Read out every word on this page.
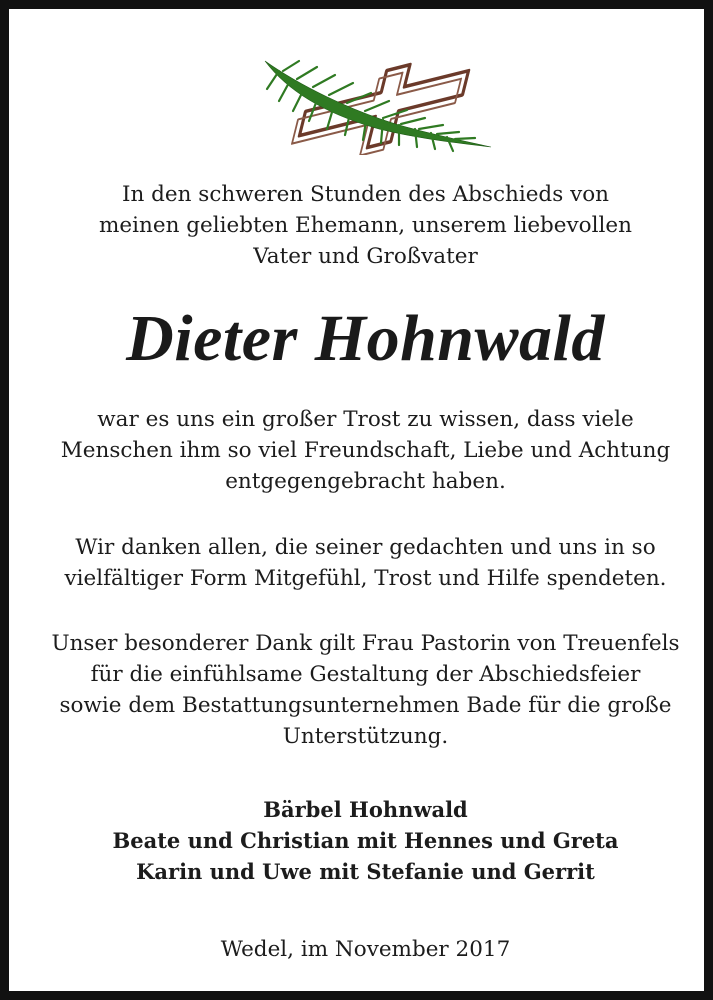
In den schweren Stunden des Abschieds von
meinen geliebten Ehemann, unserem liebevollen
Vater und Großvater

Dieter Hohnwald

war es uns ein großer Trost zu wissen, dass viele
Menschen ihm so viel Freundschaft, Liebe und Achtung
entgegengebracht haben.

Wir danken allen, die seiner gedachten und uns in so
vielfältiger Form Mitgefühl, Trost und Hilfe spendeten.

Unser besonderer Dank gilt Frau Pastorin von Treuenfels
für die einfühlsame Gestaltung der Abschiedsfeier
sowie dem Bestattungsunternehmen Bade für die große
Unterstützung.

Bärbel Hohnwald
Beate und Christian mit Hennes und Greta
Karin und Uwe mit Stefanie und Gerrit

Wedel, im November 2017
